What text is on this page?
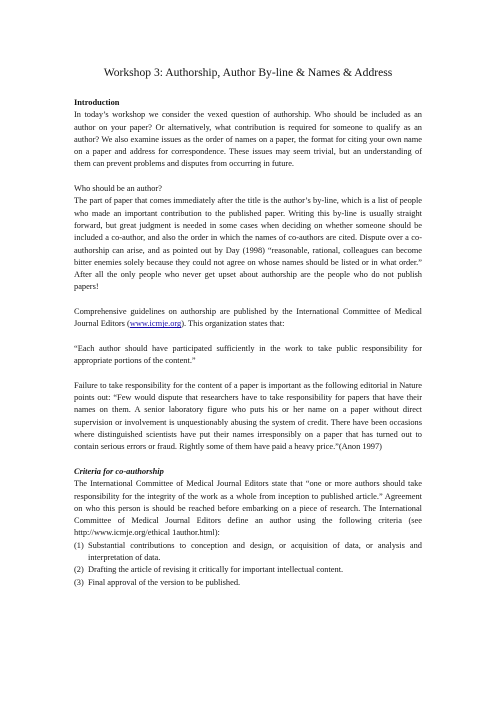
Workshop 3: Authorship, Author By-line & Names & Address
Introduction

In today’s workshop we consider the vexed question of authorship. Who should be included as an author on your paper? Or alternatively, what contribution is required for someone to qualify as an author? We also examine issues as the order of names on a paper, the format for citing your own name on a paper and address for correspondence. These issues may seem trivial, but an understanding of them can prevent problems and disputes from occurring in future.

Who should be an author?

The part of paper that comes immediately after the title is the author’s by-line, which is a list of people who made an important contribution to the published paper. Writing this by-line is usually straight forward, but great judgment is needed in some cases when deciding on whether someone should be included a co-author, and also the order in which the names of co-authors are cited. Dispute over a co-authorship can arise, and as pointed out by Day (1998) “reasonable, rational, colleagues can become bitter enemies solely because they could not agree on whose names should be listed or in what order.” After all the only people who never get upset about authorship are the people who do not publish papers!

Comprehensive guidelines on authorship are published by the International Committee of Medical Journal Editors (www.icmje.org). This organization states that:

“Each author should have participated sufficiently in the work to take public responsibility for appropriate portions of the content.”

Failure to take responsibility for the content of a paper is important as the following editorial in Nature points out: “Few would dispute that researchers have to take responsibility for papers that have their names on them. A senior laboratory figure who puts his or her name on a paper without direct supervision or involvement is unquestionably abusing the system of credit. There have been occasions where distinguished scientists have put their names irresponsibly on a paper that has turned out to contain serious errors or fraud. Rightly some of them have paid a heavy price.”(Anon 1997)

Criteria for co-authorship

The International Committee of Medical Journal Editors state that “one or more authors should take responsibility for the integrity of the work as a whole from inception to published article.” Agreement on who this person is should be reached before embarking on a piece of research. The International Committee of Medical Journal Editors define an author using the following criteria (see http://www.icmje.org/ethical 1author.html):

(1) Substantial contributions to conception and design, or acquisition of data, or analysis and interpretation of data.
(2) Drafting the article of revising it critically for important intellectual content.
(3) Final approval of the version to be published.
